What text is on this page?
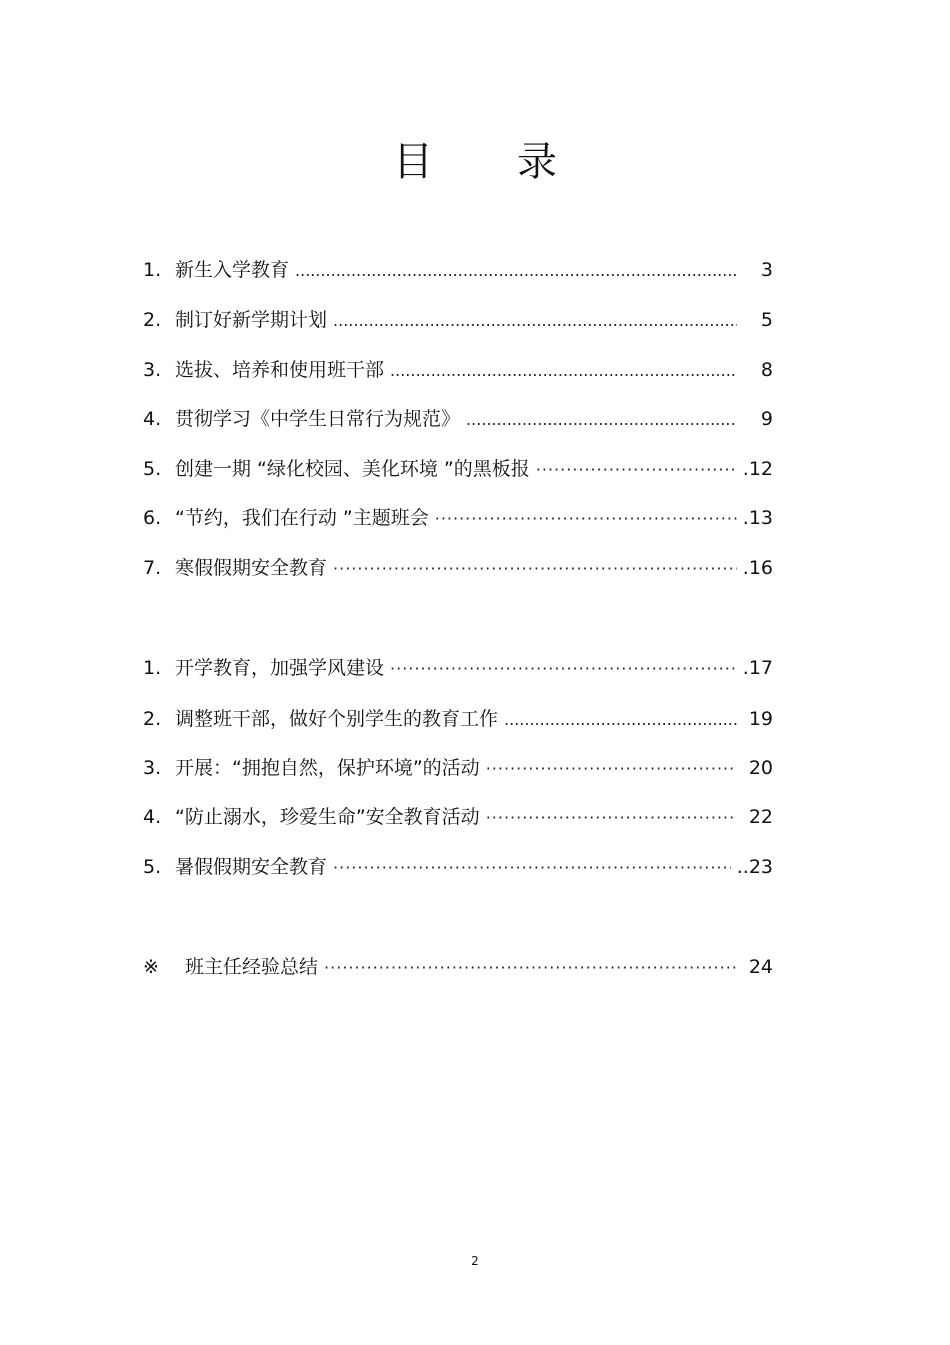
目 录
1. 新生入学教育 .....	3
2. 制订好新学期计划 .....	5
3. 选拔、培养和使用班干部 .....	8
4. 贯彻学习《中学生日常行为规范》 .....	9
5. 创建一期 “绿化校园、美化环境 ”的黑板报 ·····	.12
6. “节约，我们在行动 ”主题班会 ·····	.13
7. 寒假假期安全教育 ·····	.16
1. 开学教育，加强学风建设 ·····	.17
2. 调整班干部，做好个别学生的教育工作 .....	19
3. 开展：“拥抱自然，保护环境”的活动 ·····	20
4. “防止溺水，珍爱生命”安全教育活动 ·····	22
5. 暑假假期安全教育 ·····	..23
※	班主任经验总结 ·····	24
2
